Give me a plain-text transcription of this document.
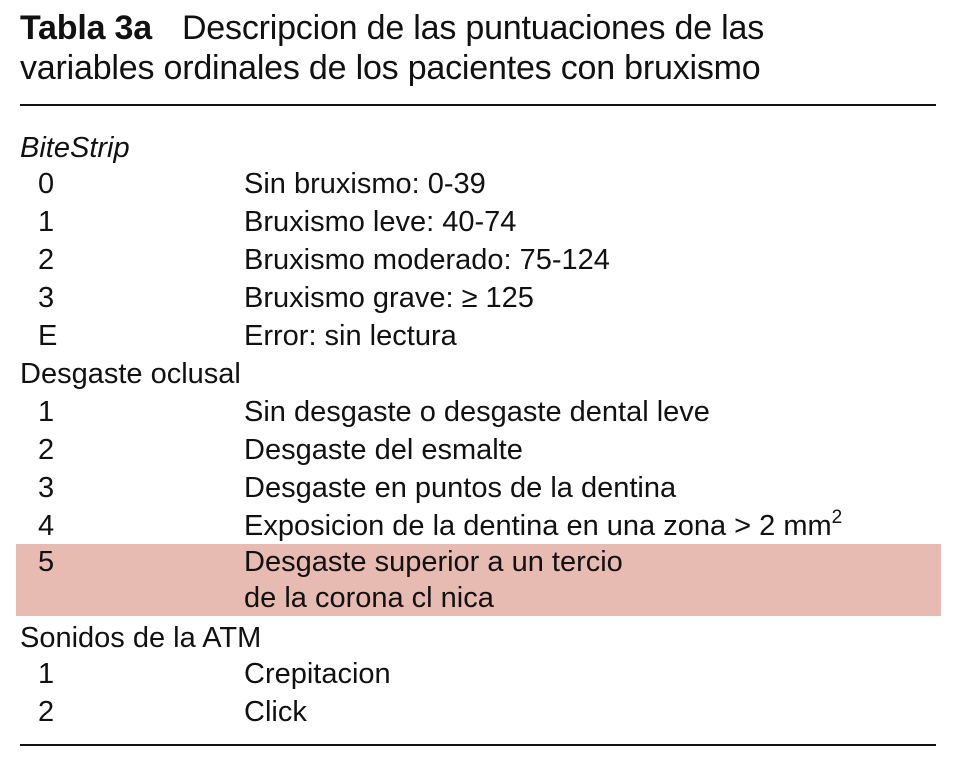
Tabla 3a Descripcion de las puntuaciones de las
variables ordinales de los pacientes con bruxismo
BiteStrip
0	Sin bruxismo: 0-39
1	Bruxismo leve: 40-74
2	Bruxismo moderado: 75-124
3	Bruxismo grave: ≥ 125
E	Error: sin lectura
Desgaste oclusal
1	Sin desgaste o desgaste dental leve
2	Desgaste del esmalte
3	Desgaste en puntos de la dentina
4	Exposicion de la dentina en una zona > 2 $mm^2$
5	Desgaste superior a un tercio
de la corona cl nica
Sonidos de la ATM
1	Crepitacion
2	Click
